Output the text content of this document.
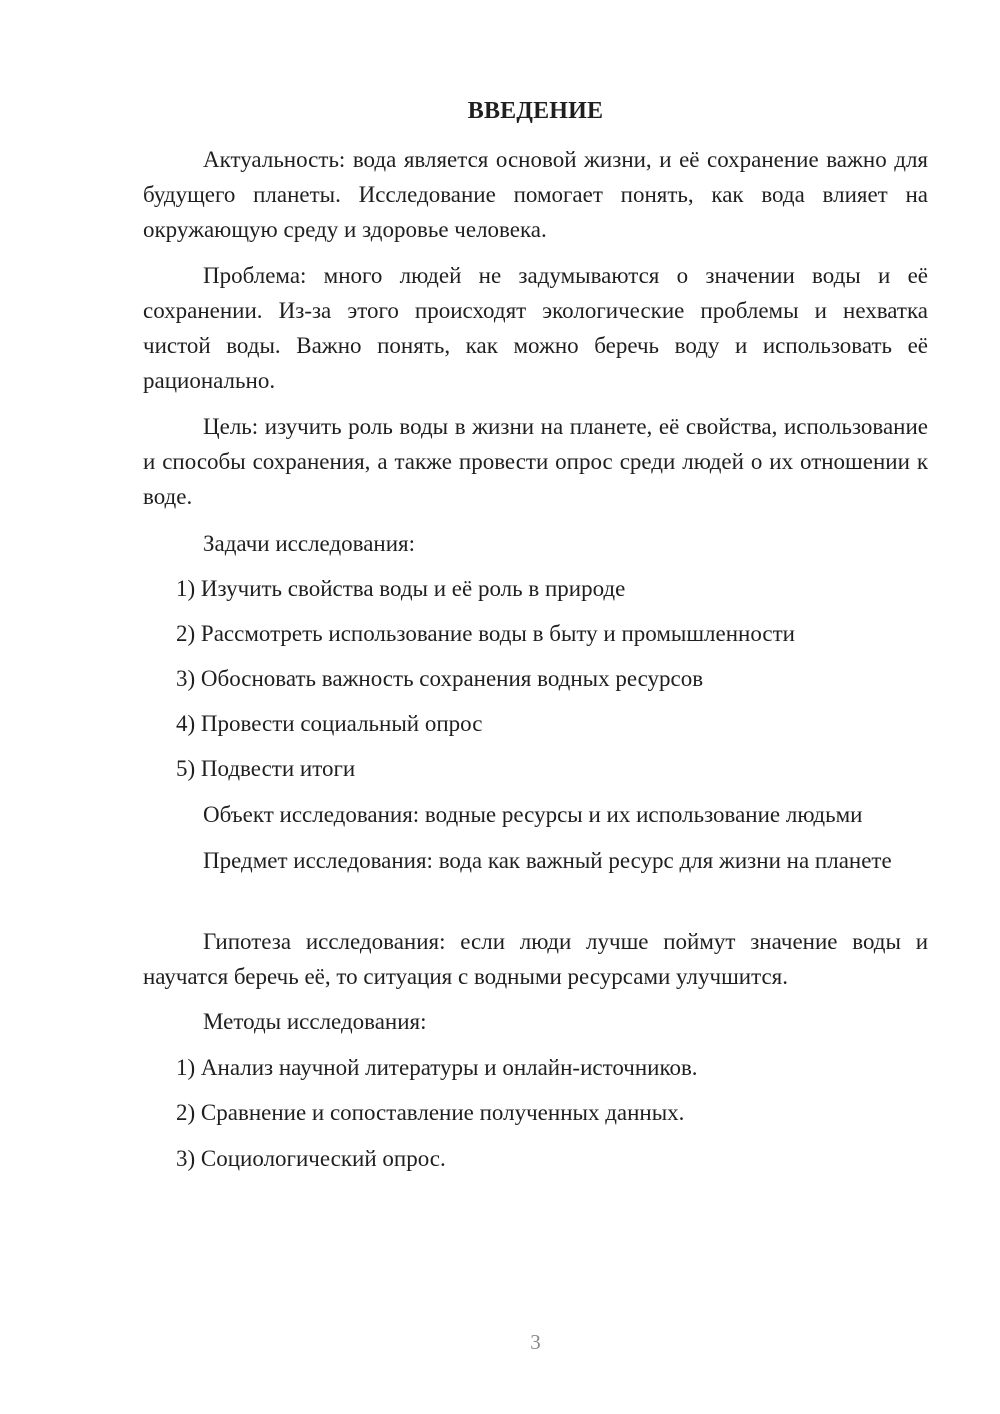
ВВЕДЕНИЕ

Актуальность: вода является основой жизни, и её сохранение важно для будущего планеты. Исследование помогает понять, как вода влияет на окружающую среду и здоровье человека.

Проблема: много людей не задумываются о значении воды и её сохранении. Из-за этого происходят экологические проблемы и нехватка чистой воды. Важно понять, как можно беречь воду и использовать её рационально.

Цель: изучить роль воды в жизни на планете, её свойства, использование и способы сохранения, а также провести опрос среди людей о их отношении к воде.

Задачи исследования:

1) Изучить свойства воды и её роль в природе

2) Рассмотреть использование воды в быту и промышленности

3) Обосновать важность сохранения водных ресурсов

4) Провести социальный опрос

5) Подвести итоги

Объект исследования: водные ресурсы и их использование людьми

Предмет исследования: вода как важный ресурс для жизни на планете

Гипотеза исследования: если люди лучше поймут значение воды и научатся беречь её, то ситуация с водными ресурсами улучшится.

Методы исследования:

1) Анализ научной литературы и онлайн-источников.

2) Сравнение и сопоставление полученных данных.

3) Социологический опрос.

3
